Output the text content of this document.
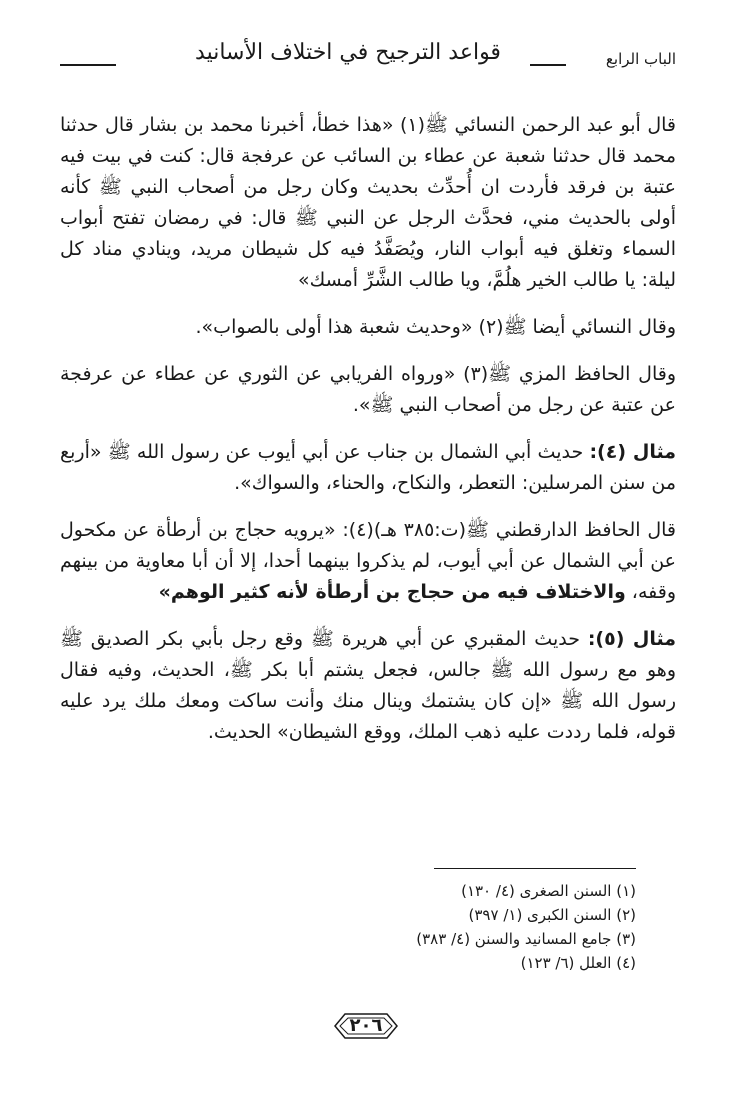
الباب الرابع
قواعد الترجيح في اختلاف الأسانيد

قال أبو عبد الرحمن النسائي ﷺ(١) «هذا خطأ، أخبرنا محمد بن بشار قال حدثنا محمد قال حدثنا شعبة عن عطاء بن السائب عن عرفجة قال: كنت في بيت فيه عتبة بن فرقد فأردت ان أُحدِّث بحديث وكان رجل من أصحاب النبي ﷺ كأنه أولى بالحديث مني، فحدَّث الرجل عن النبي ﷺ قال: في رمضان تفتح أبواب السماء وتغلق فيه أبواب النار، ويُصَفَّدُ فيه كل شيطان مريد، وينادي مناد كل ليلة: يا طالب الخير هلُمَّ، ويا طالب الشَّرِّ أمسك»

وقال النسائي أيضا ﷺ(٢) «وحديث شعبة هذا أولى بالصواب».

وقال الحافظ المزي ﷺ(٣) «ورواه الفريابي عن الثوري عن عطاء عن عرفجة عن عتبة عن رجل من أصحاب النبي ﷺ».

مثال (٤): حديث أبي الشمال بن جناب عن أبي أيوب عن رسول الله ﷺ «أربع من سنن المرسلين: التعطر، والنكاح، والحناء، والسواك».

قال الحافظ الدارقطني ﷺ(ت:٣٨٥ هـ)(٤): «يرويه حجاج بن أرطأة عن مكحول عن أبي الشمال عن أبي أيوب، لم يذكروا بينهما أحدا، إلا أن أبا معاوية من بينهم وقفه، والاختلاف فيه من حجاج بن أرطأة لأنه كثير الوهم»

مثال (٥): حديث المقبري عن أبي هريرة ﷺ وقع رجل بأبي بكر الصديق ﷺ وهو مع رسول الله ﷺ جالس، فجعل يشتم أبا بكر ﷺ، الحديث، وفيه فقال رسول الله ﷺ «إن كان يشتمك وينال منك وأنت ساكت ومعك ملك يرد عليه قوله، فلما رددت عليه ذهب الملك، ووقع الشيطان» الحديث.

(١) السنن الصغرى (٤/ ١٣٠)
(٢) السنن الكبرى (١/ ٣٩٧)
(٣) جامع المسانيد والسنن (٤/ ٣٨٣)
(٤) العلل (٦/ ١٢٣)
٢٠٦
